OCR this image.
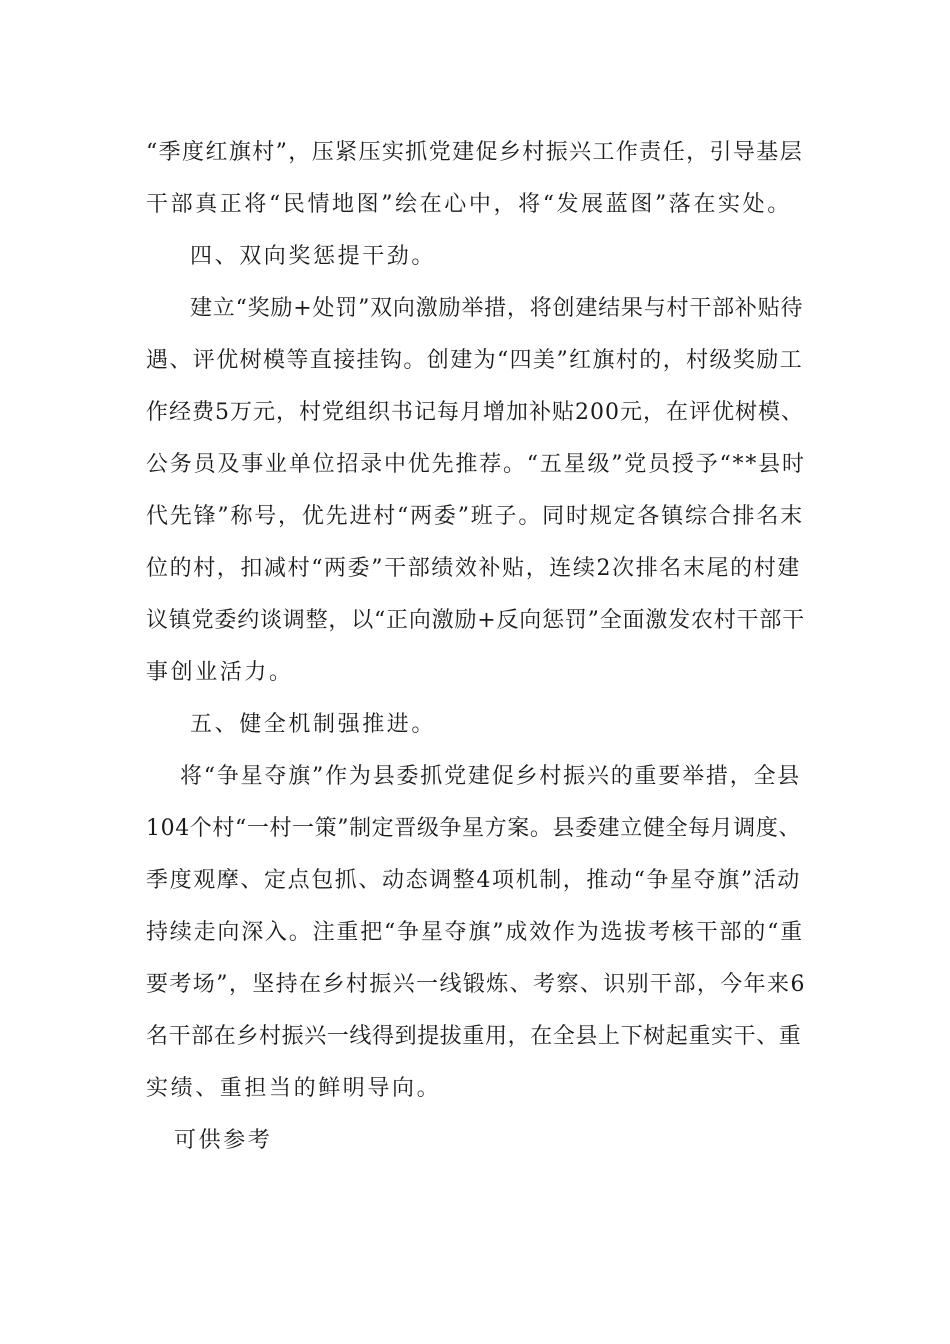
“季度红旗村”，压紧压实抓党建促乡村振兴工作责任，引导基层
干部真正将“民情地图”绘在心中，将“发展蓝图”落在实处。
四、双向奖惩提干劲。
建立“奖励+处罚”双向激励举措，将创建结果与村干部补贴待
遇、评优树模等直接挂钩。创建为“四美”红旗村的，村级奖励工
作经费5万元，村党组织书记每月增加补贴200元，在评优树模、
公务员及事业单位招录中优先推荐。“五星级”党员授予“**县时
代先锋”称号，优先进村“两委”班子。同时规定各镇综合排名末
位的村，扣减村“两委”干部绩效补贴，连续2次排名末尾的村建
议镇党委约谈调整，以“正向激励+反向惩罚”全面激发农村干部干
事创业活力。
五、健全机制强推进。
将“争星夺旗”作为县委抓党建促乡村振兴的重要举措，全县
104个村“一村一策”制定晋级争星方案。县委建立健全每月调度、
季度观摩、定点包抓、动态调整4项机制，推动“争星夺旗”活动
持续走向深入。注重把“争星夺旗”成效作为选拔考核干部的“重
要考场”，坚持在乡村振兴一线锻炼、考察、识别干部，今年来6
名干部在乡村振兴一线得到提拔重用，在全县上下树起重实干、重
实绩、重担当的鲜明导向。
可供参考
